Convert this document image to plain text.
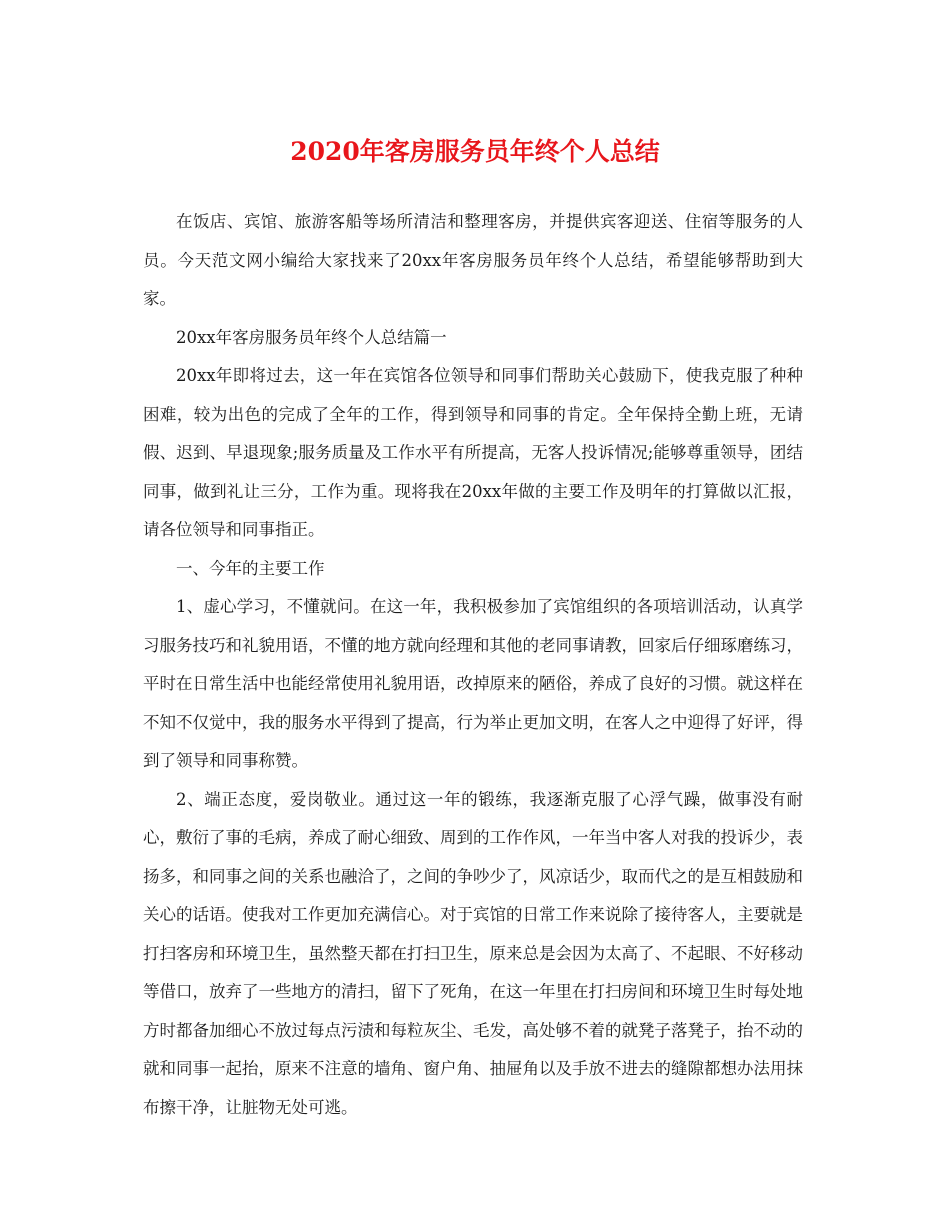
2020年客房服务员年终个人总结

在饭店、宾馆、旅游客船等场所清洁和整理客房，并提供宾客迎送、住宿等服务的人员。今天范文网小编给大家找来了20xx年客房服务员年终个人总结，希望能够帮助到大家。

20xx年客房服务员年终个人总结篇一

20xx年即将过去，这一年在宾馆各位领导和同事们帮助关心鼓励下，使我克服了种种困难，较为出色的完成了全年的工作，得到领导和同事的肯定。全年保持全勤上班，无请假、迟到、早退现象;服务质量及工作水平有所提高，无客人投诉情况;能够尊重领导，团结同事，做到礼让三分，工作为重。现将我在20xx年做的主要工作及明年的打算做以汇报，请各位领导和同事指正。

一、今年的主要工作

1、虚心学习，不懂就问。在这一年，我积极参加了宾馆组织的各项培训活动，认真学习服务技巧和礼貌用语，不懂的地方就向经理和其他的老同事请教，回家后仔细琢磨练习，平时在日常生活中也能经常使用礼貌用语，改掉原来的陋俗，养成了良好的习惯。就这样在不知不仅觉中，我的服务水平得到了提高，行为举止更加文明，在客人之中迎得了好评，得到了领导和同事称赞。

2、端正态度，爱岗敬业。通过这一年的锻练，我逐渐克服了心浮气躁，做事没有耐心，敷衍了事的毛病，养成了耐心细致、周到的工作作风，一年当中客人对我的投诉少，表扬多，和同事之间的关系也融洽了，之间的争吵少了，风凉话少，取而代之的是互相鼓励和关心的话语。使我对工作更加充满信心。对于宾馆的日常工作来说除了接待客人，主要就是打扫客房和环境卫生，虽然整天都在打扫卫生，原来总是会因为太高了、不起眼、不好移动等借口，放弃了一些地方的清扫，留下了死角，在这一年里在打扫房间和环境卫生时每处地方时都备加细心不放过每点污渍和每粒灰尘、毛发，高处够不着的就凳子落凳子，抬不动的就和同事一起抬，原来不注意的墙角、窗户角、抽屉角以及手放不进去的缝隙都想办法用抹布擦干净，让脏物无处可逃。
